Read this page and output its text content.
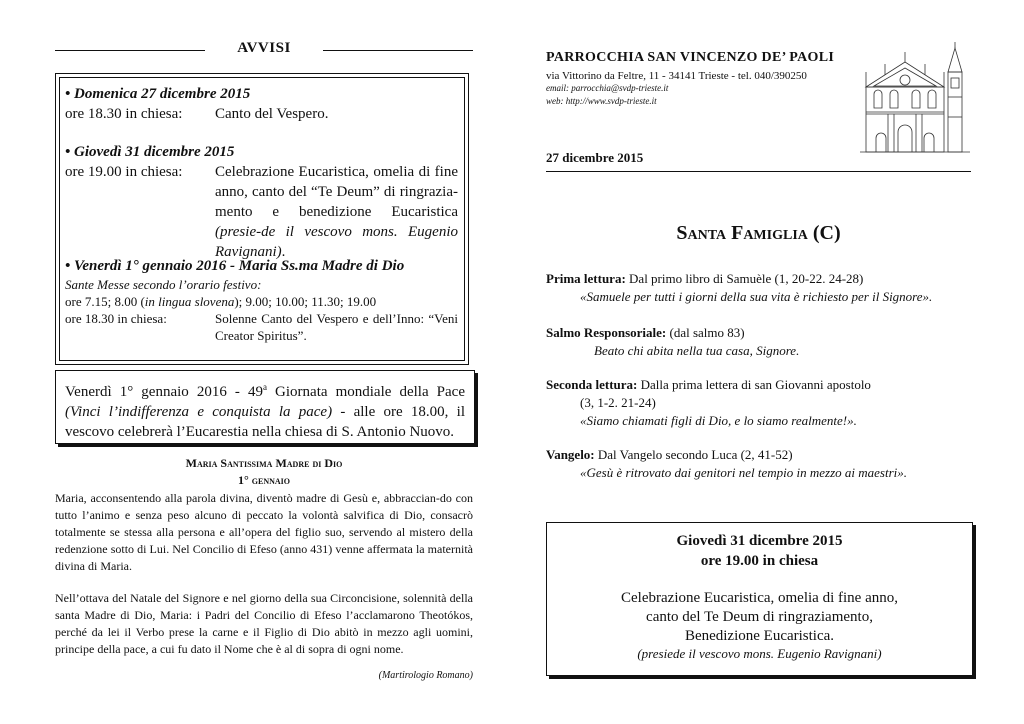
AVVISI
• Domenica 27 dicembre 2015
ore 18.30 in chiesa:	Canto del Vespero.
• Giovedì 31 dicembre 2015
ore 19.00 in chiesa:	Celebrazione Eucaristica, omelia di fine anno, canto del “Te Deum” di ringrazia-mento e benedizione Eucaristica (presie-de il vescovo mons. Eugenio Ravignani).
• Venerdì 1° gennaio 2016 - Maria Ss.ma Madre di Dio
Sante Messe secondo l’orario festivo:
ore 7.15; 8.00 (in lingua slovena); 9.00; 10.00; 11.30; 19.00
ore 18.30 in chiesa:	Solenne Canto del Vespero e dell’Inno: “Veni Creator Spiritus”.

Venerdì 1° gennaio 2016 - 49$^a$ Giornata mondiale della Pace (Vinci l’indifferenza e conquista la pace) - alle ore 18.00, il vescovo celebrerà l’Eucarestia nella chiesa di S. Antonio Nuovo.

Maria Santissima Madre di Dio
1° gennaio

Maria, acconsentendo alla parola divina, diventò madre di Gesù e, abbraccian-do con tutto l’animo e senza peso alcuno di peccato la volontà salvifica di Dio, consacrò totalmente se stessa alla persona e all’opera del figlio suo, servendo al mistero della redenzione sotto di Lui. Nel Concilio di Efeso (anno 431) venne affermata la maternità divina di Maria.

Nell’ottava del Natale del Signore e nel giorno della sua Circoncisione, solennità della santa Madre di Dio, Maria: i Padri del Concilio di Efeso l’acclamarono Theotókos, perché da lei il Verbo prese la carne e il Figlio di Dio abitò in mezzo agli uomini, principe della pace, a cui fu dato il Nome che è al di sopra di ogni nome.

(Martirologio Romano)
PARROCCHIA SAN VINCENZO DE’ PAOLI
via Vittorino da Feltre, 11 - 34141 Trieste - tel. 040/390250
email: parrocchia@svdp-trieste.it
web: http://www.svdp-trieste.it
27 dicembre 2015
Santa Famiglia (C)
Prima lettura: Dal primo libro di Samuèle (1, 20-22. 24-28)
«Samuele per tutti i giorni della sua vita è richiesto per il Signore».
Salmo Responsoriale: (dal salmo 83)
Beato chi abita nella tua casa, Signore.
Seconda lettura: Dalla prima lettera di san Giovanni apostolo
(3, 1-2. 21-24)
«Siamo chiamati figli di Dio, e lo siamo realmente!».
Vangelo: Dal Vangelo secondo Luca (2, 41-52)
«Gesù è ritrovato dai genitori nel tempio in mezzo ai maestri».
Giovedì 31 dicembre 2015
ore 19.00 in chiesa
Celebrazione Eucaristica, omelia di fine anno,
canto del Te Deum di ringraziamento,
Benedizione Eucaristica.
(presiede il vescovo mons. Eugenio Ravignani)
